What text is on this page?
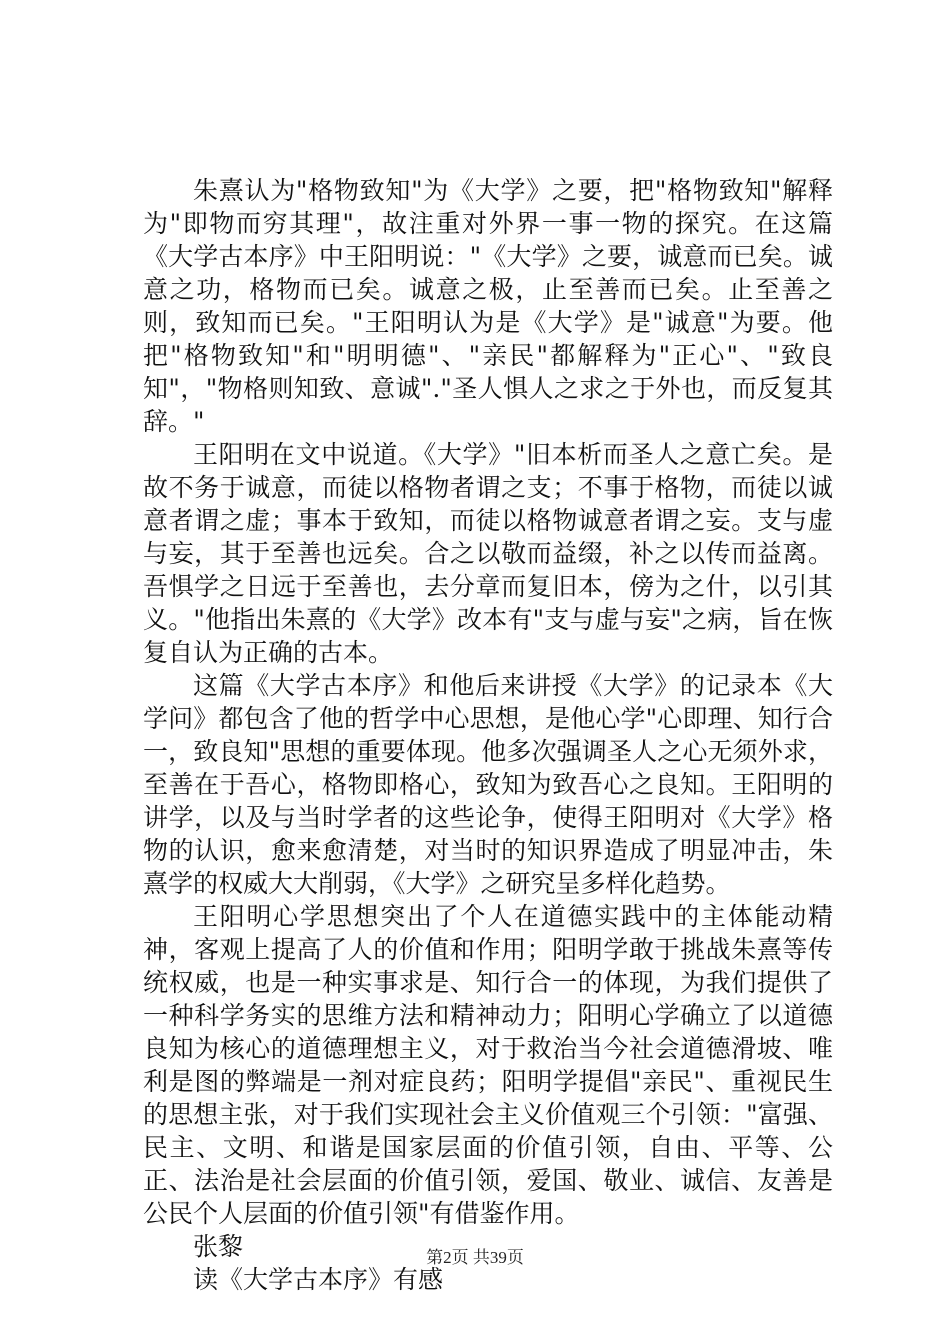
朱熹认为"格物致知"为《大学》之要，把"格物致知"解释为"即物而穷其理"，故注重对外界一事一物的探究。在这篇《大学古本序》中王阳明说："《大学》之要，诚意而已矣。诚意之功，格物而已矣。诚意之极，止至善而已矣。止至善之则，致知而已矣。"王阳明认为是《大学》是"诚意"为要。他把"格物致知"和"明明德"、"亲民"都解释为"正心"、"致良知"，"物格则知致、意诚"."圣人惧人之求之于外也，而反复其辞。"

王阳明在文中说道。《大学》"旧本析而圣人之意亡矣。是故不务于诚意，而徒以格物者谓之支；不事于格物，而徒以诚意者谓之虚；事本于致知，而徒以格物诚意者谓之妄。支与虚与妄，其于至善也远矣。合之以敬而益缀，补之以传而益离。吾惧学之日远于至善也，去分章而复旧本，傍为之什，以引其义。"他指出朱熹的《大学》改本有"支与虚与妄"之病，旨在恢复自认为正确的古本。

这篇《大学古本序》和他后来讲授《大学》的记录本《大学问》都包含了他的哲学中心思想，是他心学"心即理、知行合一，致良知"思想的重要体现。他多次强调圣人之心无须外求，至善在于吾心，格物即格心，致知为致吾心之良知。王阳明的讲学，以及与当时学者的这些论争，使得王阳明对《大学》格物的认识，愈来愈清楚，对当时的知识界造成了明显冲击，朱熹学的权威大大削弱，《大学》之研究呈多样化趋势。

王阳明心学思想突出了个人在道德实践中的主体能动精神，客观上提高了人的价值和作用；阳明学敢于挑战朱熹等传统权威，也是一种实事求是、知行合一的体现，为我们提供了一种科学务实的思维方法和精神动力；阳明心学确立了以道德良知为核心的道德理想主义，对于救治当今社会道德滑坡、唯利是图的弊端是一剂对症良药；阳明学提倡"亲民"、重视民生的思想主张，对于我们实现社会主义价值观三个引领："富强、民主、文明、和谐是国家层面的价值引领，自由、平等、公正、法治是社会层面的价值引领，爱国、敬业、诚信、友善是公民个人层面的价值引领"有借鉴作用。

张黎

读《大学古本序》有感

第2页 共39页
